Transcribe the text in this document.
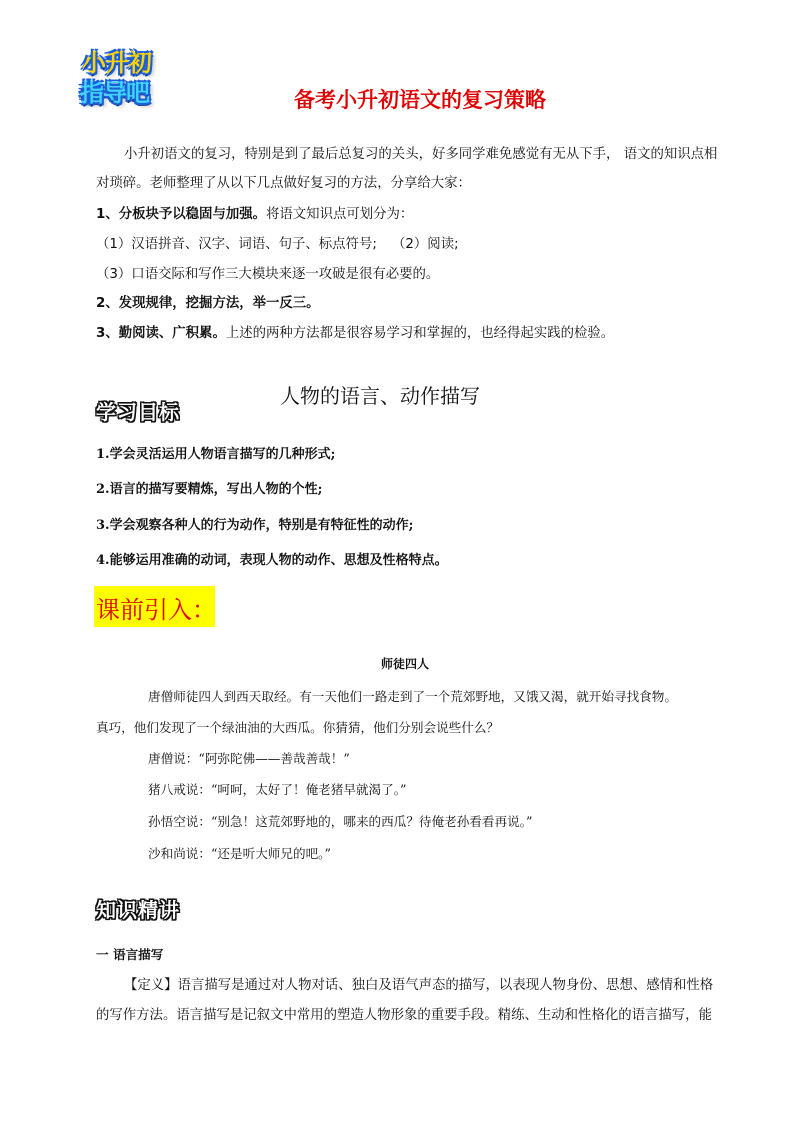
小升初
指导吧	备考小升初语文的复习策略
小升初语文的复习，特别是到了最后总复习的关头，好多同学难免感觉有无从下手， 语文的知识点相
对琐碎。老师整理了从以下几点做好复习的方法，分享给大家：
1、分板块予以稳固与加强。将语文知识点可划分为：
（1）汉语拼音、汉字、词语、句子、标点符号; （2）阅读;
（3）口语交际和写作三大模块来逐一攻破是很有必要的。
2、发现规律，挖掘方法，举一反三。
3、勤阅读、广积累。上述的两种方法都是很容易学习和掌握的，也经得起实践的检验。
人物的语言、动作描写
学习目标
1.学会灵活运用人物语言描写的几种形式;
2.语言的描写要精炼，写出人物的个性;
3.学会观察各种人的行为动作，特别是有特征性的动作;
4.能够运用准确的动词，表现人物的动作、思想及性格特点。
课前引入：
师徒四人
唐僧师徒四人到西天取经。有一天他们一路走到了一个荒郊野地，又饿又渴，就开始寻找食物。
真巧，他们发现了一个绿油油的大西瓜。你猜猜，他们分别会说些什么？
唐僧说：“阿弥陀佛——善哉善哉！”
猪八戒说：“呵呵，太好了！俺老猪早就渴了。”
孙悟空说：“别急！这荒郊野地的，哪来的西瓜？待俺老孙看看再说。”
沙和尚说：“还是听大师兄的吧。”
知识精讲
一 语言描写
【定义】语言描写是通过对人物对话、独白及语气声态的描写，以表现人物身份、思想、感情和性格
的写作方法。语言描写是记叙文中常用的塑造人物形象的重要手段。精练、生动和性格化的语言描写，能
